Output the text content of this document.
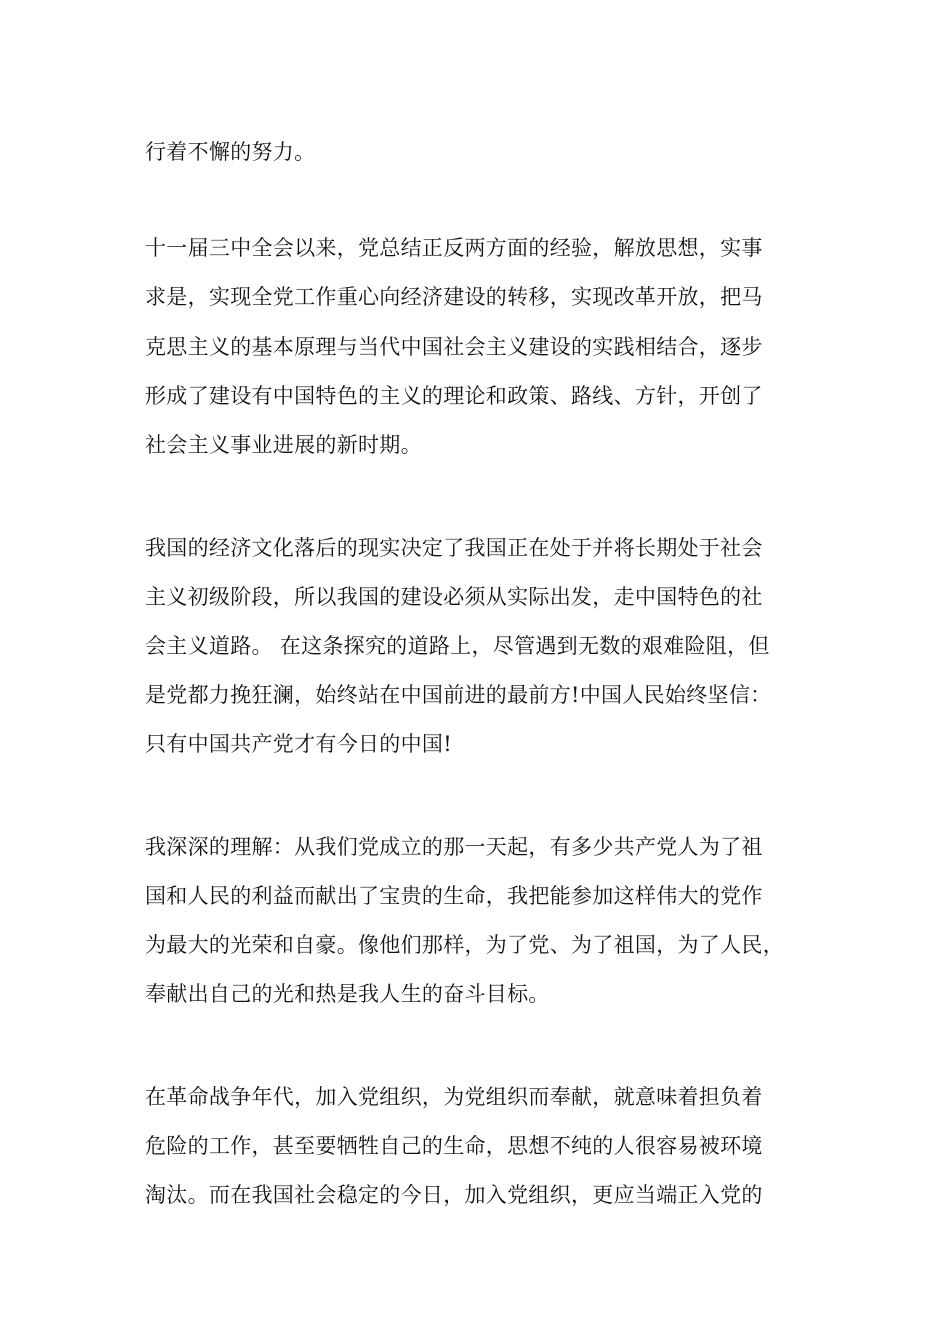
行着不懈的努力。
十一届三中全会以来，党总结正反两方面的经验，解放思想，实事
求是，实现全党工作重心向经济建设的转移，实现改革开放，把马
克思主义的基本原理与当代中国社会主义建设的实践相结合，逐步
形成了建设有中国特色的主义的理论和政策、路线、方针，开创了
社会主义事业进展的新时期。
我国的经济文化落后的现实决定了我国正在处于并将长期处于社会
主义初级阶段，所以我国的建设必须从实际出发，走中国特色的社
会主义道路。 在这条探究的道路上，尽管遇到无数的艰难险阻，但
是党都力挽狂澜，始终站在中国前进的最前方!中国人民始终坚信：
只有中国共产党才有今日的中国!
我深深的理解：从我们党成立的那一天起，有多少共产党人为了祖
国和人民的利益而献出了宝贵的生命，我把能参加这样伟大的党作
为最大的光荣和自豪。像他们那样，为了党、为了祖国，为了人民，
奉献出自己的光和热是我人生的奋斗目标。
在革命战争年代，加入党组织，为党组织而奉献，就意味着担负着
危险的工作，甚至要牺牲自己的生命，思想不纯的人很容易被环境
淘汰。而在我国社会稳定的今日，加入党组织，更应当端正入党的
